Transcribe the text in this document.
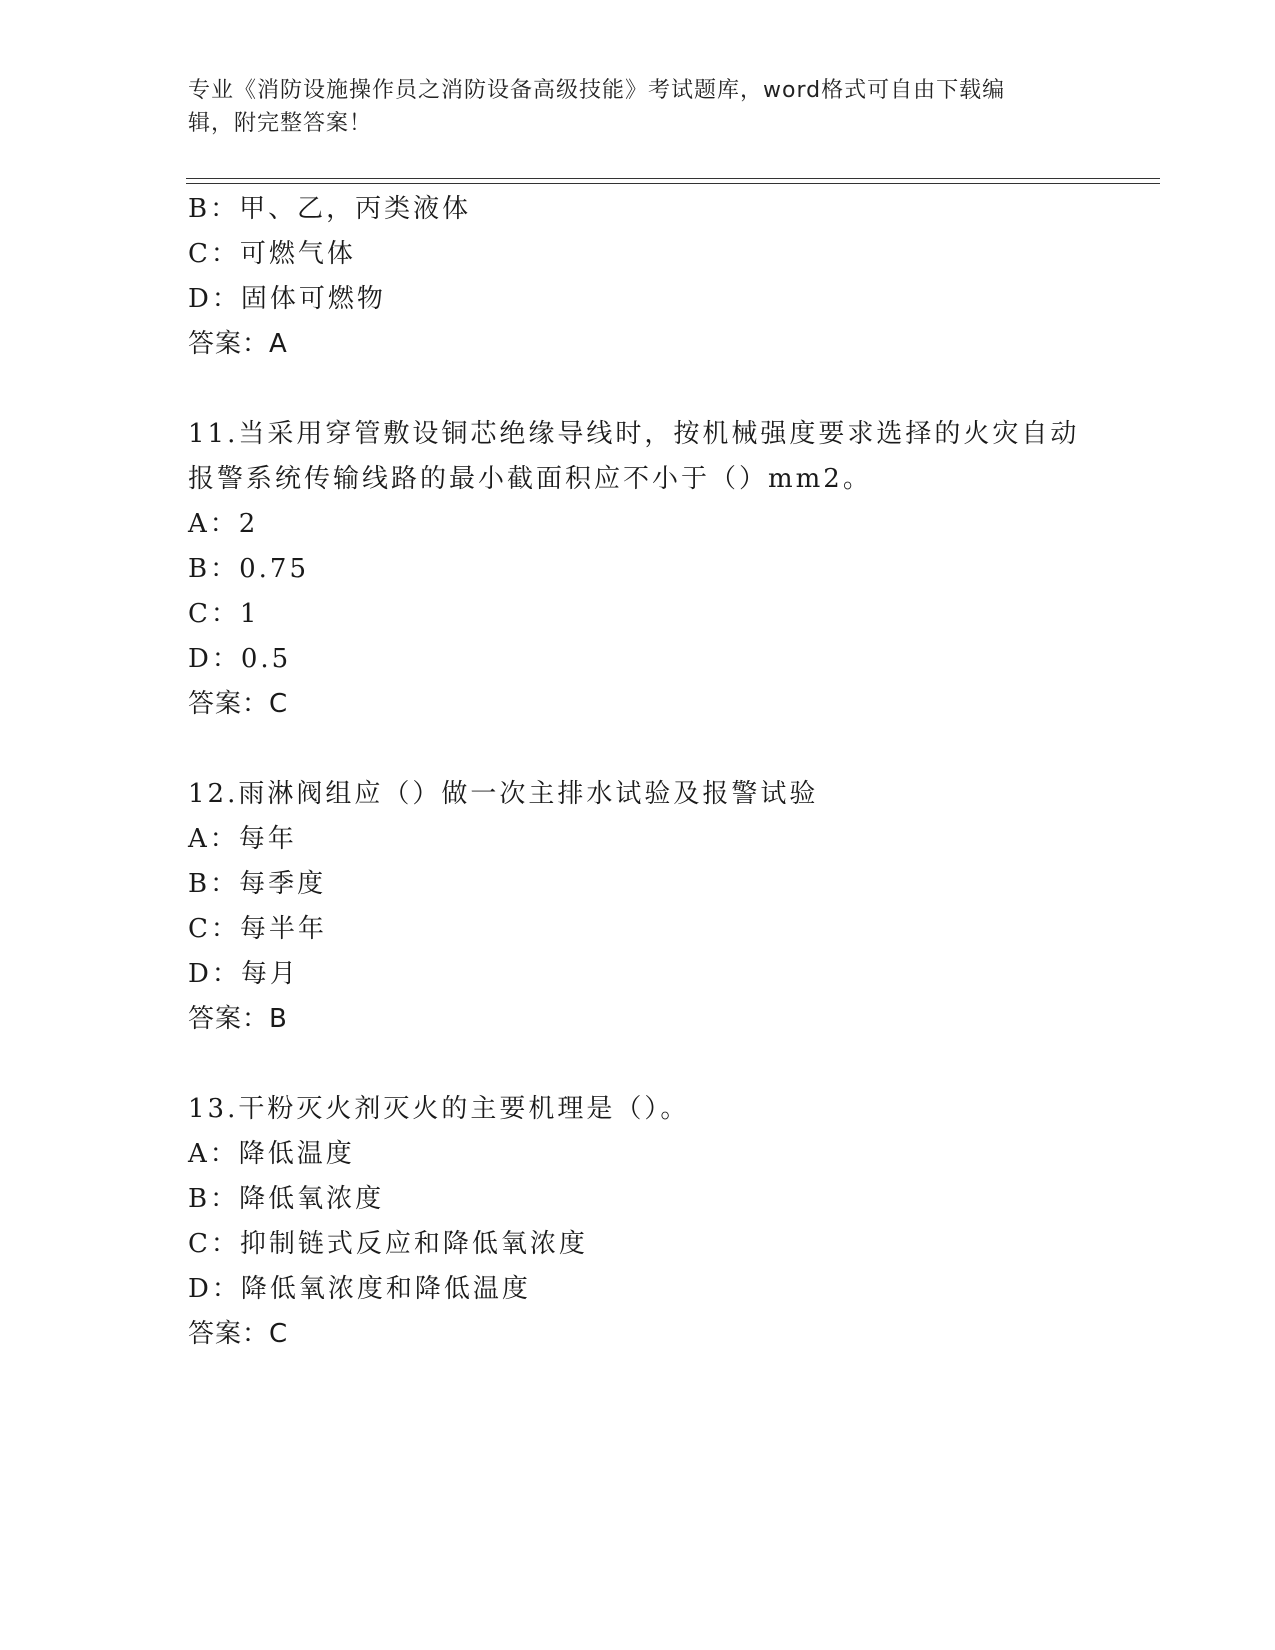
专业《消防设施操作员之消防设备高级技能》考试题库，word格式可自由下载编
辑，附完整答案！
B：甲、乙，丙类液体
C：可燃气体
D：固体可燃物
答案：A
11.当采用穿管敷设铜芯绝缘导线时，按机械强度要求选择的火灾自动
报警系统传输线路的最小截面积应不小于（）mm2。
A：2
B：0.75
C：1
D：0.5
答案：C
12.雨淋阀组应（）做一次主排水试验及报警试验
A：每年
B：每季度
C：每半年
D：每月
答案：B
13.干粉灭火剂灭火的主要机理是（）。
A：降低温度
B：降低氧浓度
C：抑制链式反应和降低氧浓度
D：降低氧浓度和降低温度
答案：C
